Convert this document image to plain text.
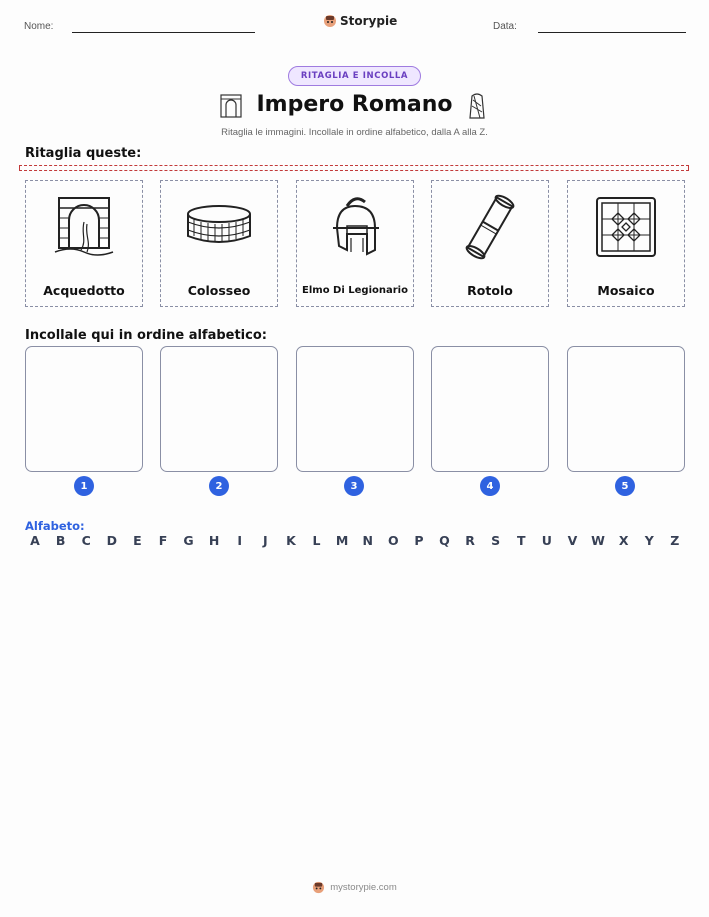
Nome:	Storypie	Data:
RITAGLIA E INCOLLA
Impero Romano
Ritaglia le immagini. Incollale in ordine alfabetico, dalla A alla Z.
Ritaglia queste:
Acquedotto	Colosseo	Elmo Di Legionario	Rotolo	Mosaico
Incollale qui in ordine alfabetico:
1	2	3	4	5
Alfabeto:
A	B	C	D	E	F	G	H	I	J	K	L	M	N	O	P	Q	R	S	T	U	V	W	X	Y	Z
mystorypie.com
